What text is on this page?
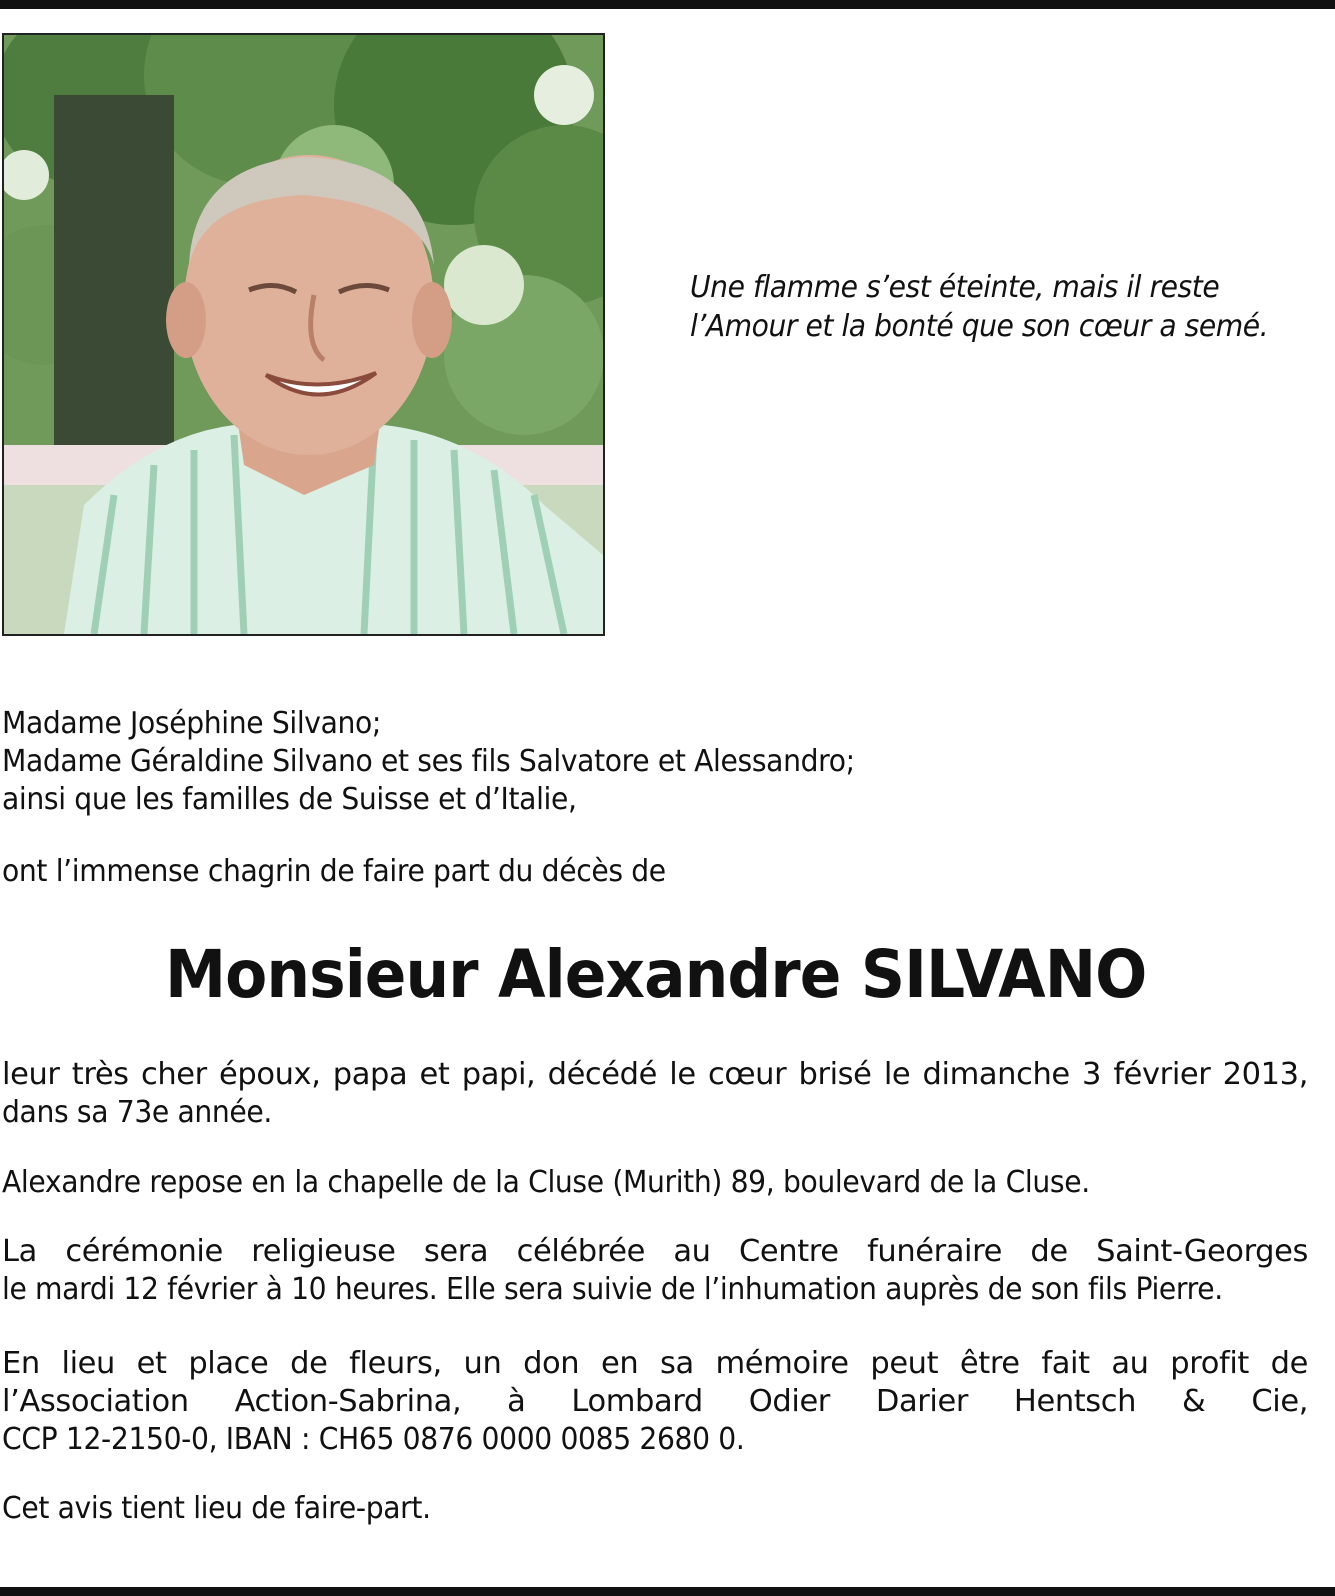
Une flamme s’est éteinte, mais il reste
l’Amour et la bonté que son cœur a semé.
Madame Joséphine Silvano;
Madame Géraldine Silvano et ses fils Salvatore et Alessandro;
ainsi que les familles de Suisse et d’Italie,
ont l’immense chagrin de faire part du décès de
Monsieur Alexandre SILVANO
leur très cher époux, papa et papi, décédé le cœur brisé le dimanche 3 février 2013,
dans sa 73e année.
Alexandre repose en la chapelle de la Cluse (Murith) 89, boulevard de la Cluse.
La cérémonie religieuse sera célébrée au Centre funéraire de Saint-Georges
le mardi 12 février à 10 heures. Elle sera suivie de l’inhumation auprès de son fils Pierre.
En lieu et place de fleurs, un don en sa mémoire peut être fait au profit de
l’Association Action-Sabrina, à Lombard Odier Darier Hentsch & Cie,
CCP 12-2150-0, IBAN : CH65 0876 0000 0085 2680 0.
Cet avis tient lieu de faire-part.
